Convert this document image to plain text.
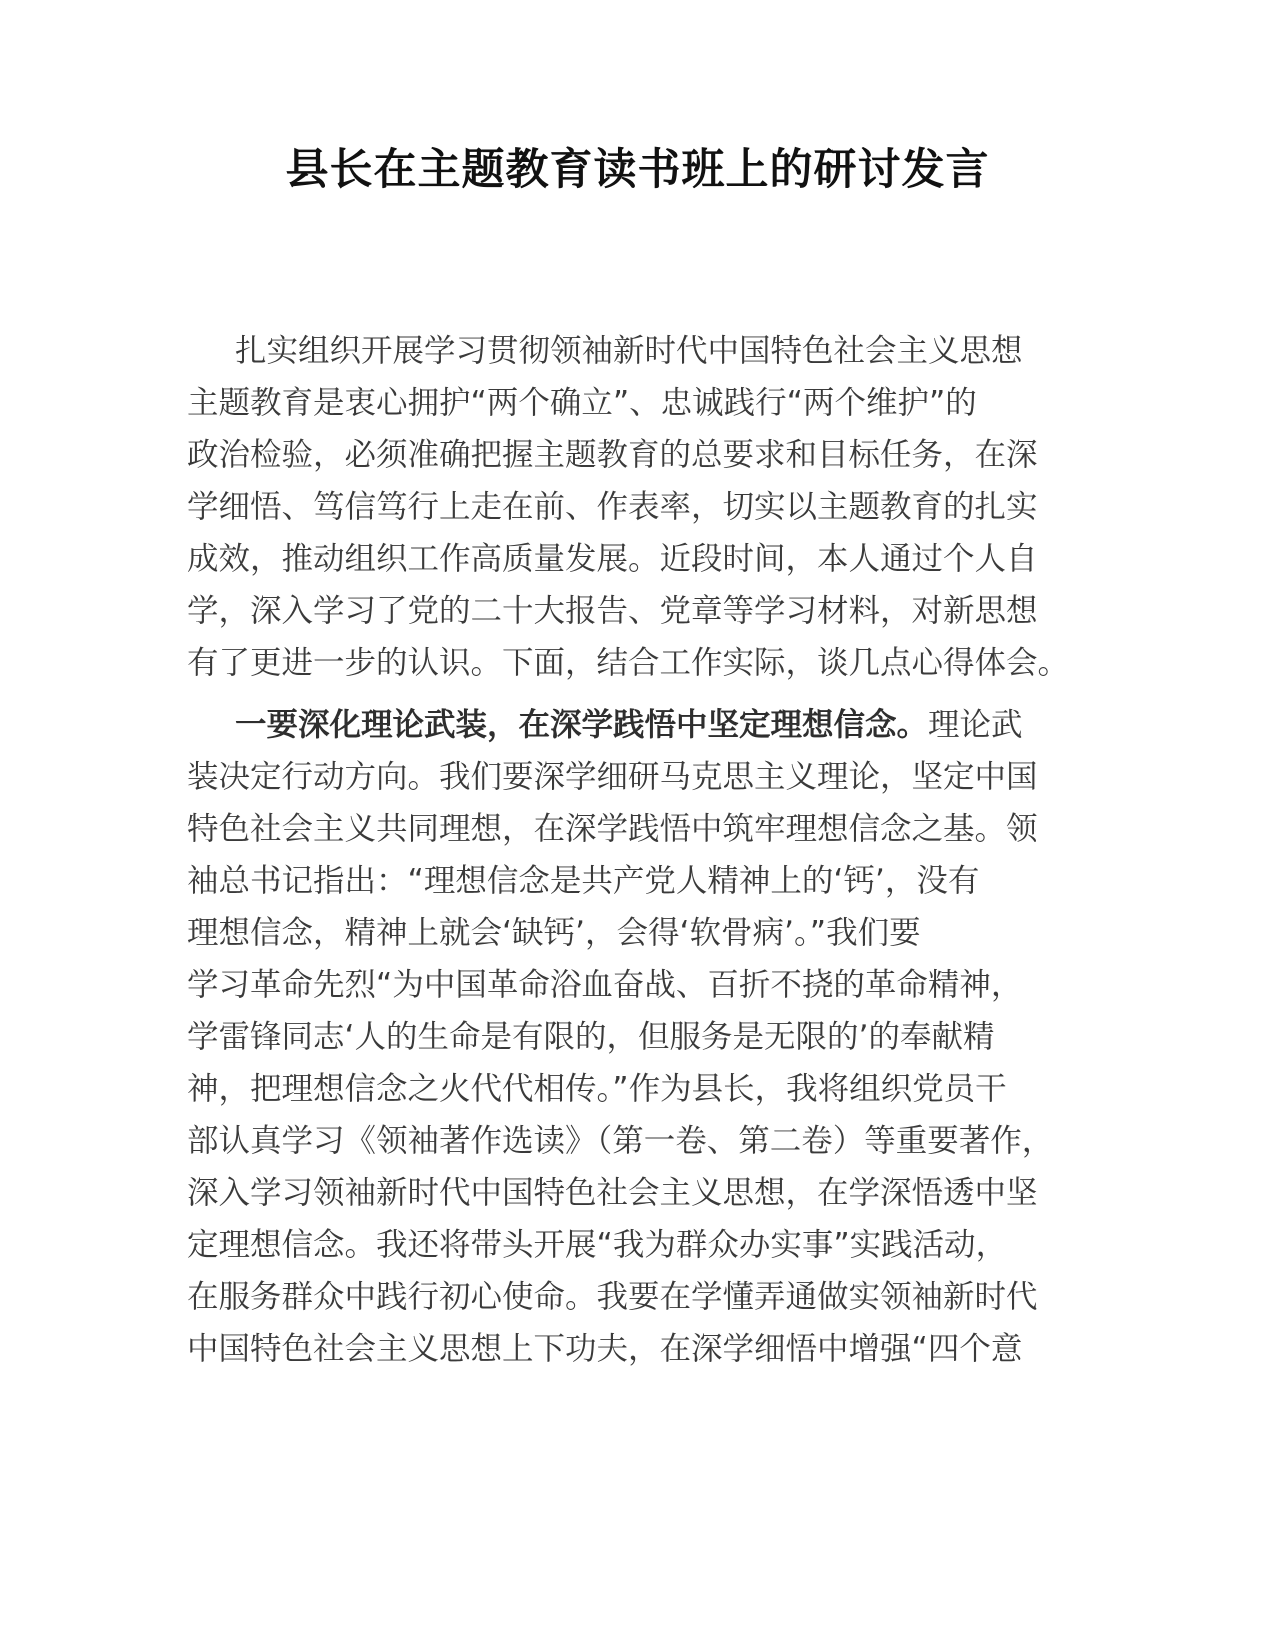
县长在主题教育读书班上的研讨发言
扎实组织开展学习贯彻领袖新时代中国特色社会主义思想
主题教育是衷心拥护“两个确立”、忠诚践行“两个维护”的
政治检验，必须准确把握主题教育的总要求和目标任务，在深
学细悟、笃信笃行上走在前、作表率，切实以主题教育的扎实
成效，推动组织工作高质量发展。近段时间，本人通过个人自
学，深入学习了党的二十大报告、党章等学习材料，对新思想
有了更进一步的认识。下面，结合工作实际，谈几点心得体会。
一要深化理论武装，在深学践悟中坚定理想信念。理论武
装决定行动方向。我们要深学细研马克思主义理论，坚定中国
特色社会主义共同理想，在深学践悟中筑牢理想信念之基。领
袖总书记指出：“理想信念是共产党人精神上的‘钙’，没有
理想信念，精神上就会‘缺钙’，会得‘软骨病’。”我们要
学习革命先烈“为中国革命浴血奋战、百折不挠的革命精神，
学雷锋同志‘人的生命是有限的，但服务是无限的’的奉献精
神，把理想信念之火代代相传。”作为县长，我将组织党员干
部认真学习《领袖著作选读》（第一卷、第二卷）等重要著作，
深入学习领袖新时代中国特色社会主义思想，在学深悟透中坚
定理想信念。我还将带头开展“我为群众办实事”实践活动，
在服务群众中践行初心使命。我要在学懂弄通做实领袖新时代
中国特色社会主义思想上下功夫，在深学细悟中增强“四个意
